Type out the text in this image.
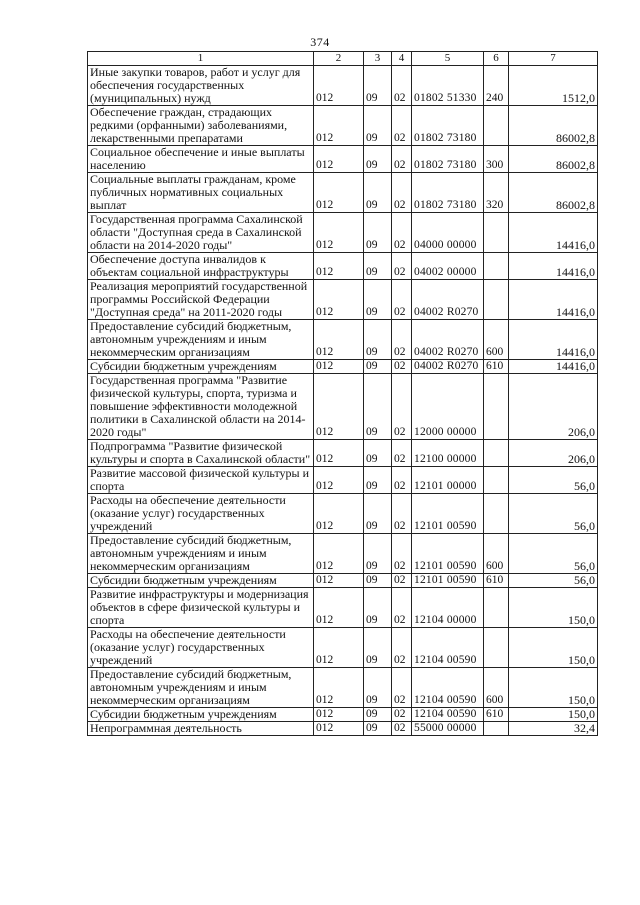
374
1	2	3	4	5	6	7
Иные закупки товаров, работ и услуг для обеспечения государственных (муниципальных) нужд	012	09	02	01802 51330	240	1512,0
Обеспечение граждан, страдающих редкими (орфанными) заболеваниями, лекарственными препаратами	012	09	02	01802 73180		86002,8
Социальное обеспечение и иные выплаты населению	012	09	02	01802 73180	300	86002,8
Социальные выплаты гражданам, кроме публичных нормативных социальных выплат	012	09	02	01802 73180	320	86002,8
Государственная программа Сахалинской области "Доступная среда в Сахалинской области на 2014-2020 годы"	012	09	02	04000 00000		14416,0
Обеспечение доступа инвалидов к объектам социальной инфраструктуры	012	09	02	04002 00000		14416,0
Реализация мероприятий государственной программы Российской Федерации "Доступная среда" на 2011-2020 годы	012	09	02	04002 R0270		14416,0
Предоставление субсидий бюджетным, автономным учреждениям и иным некоммерческим организациям	012	09	02	04002 R0270	600	14416,0
Субсидии бюджетным учреждениям	012	09	02	04002 R0270	610	14416,0
Государственная программа "Развитие физической культуры, спорта, туризма и повышение эффективности молодежной политики в Сахалинской области на 2014-2020 годы"	012	09	02	12000 00000		206,0
Подпрограмма "Развитие физической культуры и спорта в Сахалинской области"	012	09	02	12100 00000		206,0
Развитие массовой физической культуры и спорта	012	09	02	12101 00000		56,0
Расходы на обеспечение деятельности (оказание услуг) государственных учреждений	012	09	02	12101 00590		56,0
Предоставление субсидий бюджетным, автономным учреждениям и иным некоммерческим организациям	012	09	02	12101 00590	600	56,0
Субсидии бюджетным учреждениям	012	09	02	12101 00590	610	56,0
Развитие инфраструктуры и модернизация объектов в сфере физической культуры и спорта	012	09	02	12104 00000		150,0
Расходы на обеспечение деятельности (оказание услуг) государственных учреждений	012	09	02	12104 00590		150,0
Предоставление субсидий бюджетным, автономным учреждениям и иным некоммерческим организациям	012	09	02	12104 00590	600	150,0
Субсидии бюджетным учреждениям	012	09	02	12104 00590	610	150,0
Непрограммная деятельность	012	09	02	55000 00000		32,4
